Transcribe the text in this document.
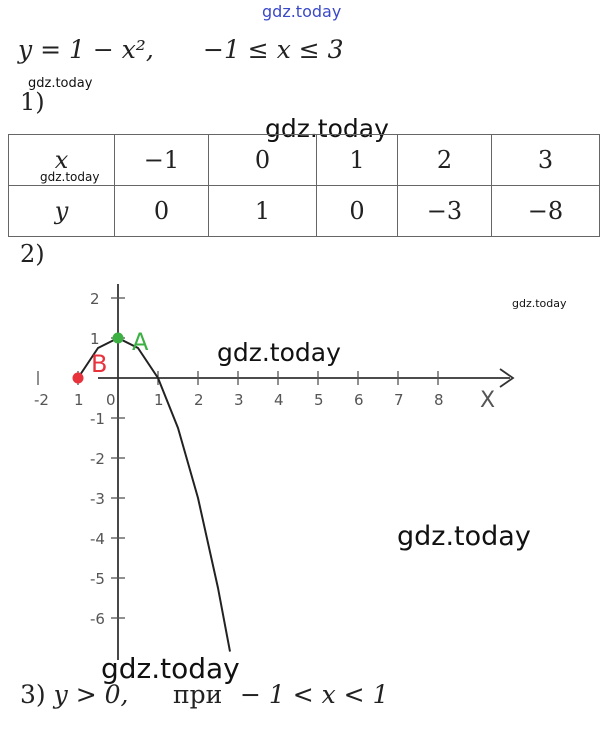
gdz.today
gdz.today
gdz.today
gdz.today
gdz.today
gdz.today
gdz.today
y = 1 − x², −1 ≤ x ≤ 3
1)
x	−1	0	1	2	3
y	0	1	0	−3	−8
2)
-2 1 0	1 2 3 4 5 6 7 8
2
1
-1
-2
-3
-4
-5
-6
X
A
B
gdz.today
3) y > 0, при − 1 < x < 1
